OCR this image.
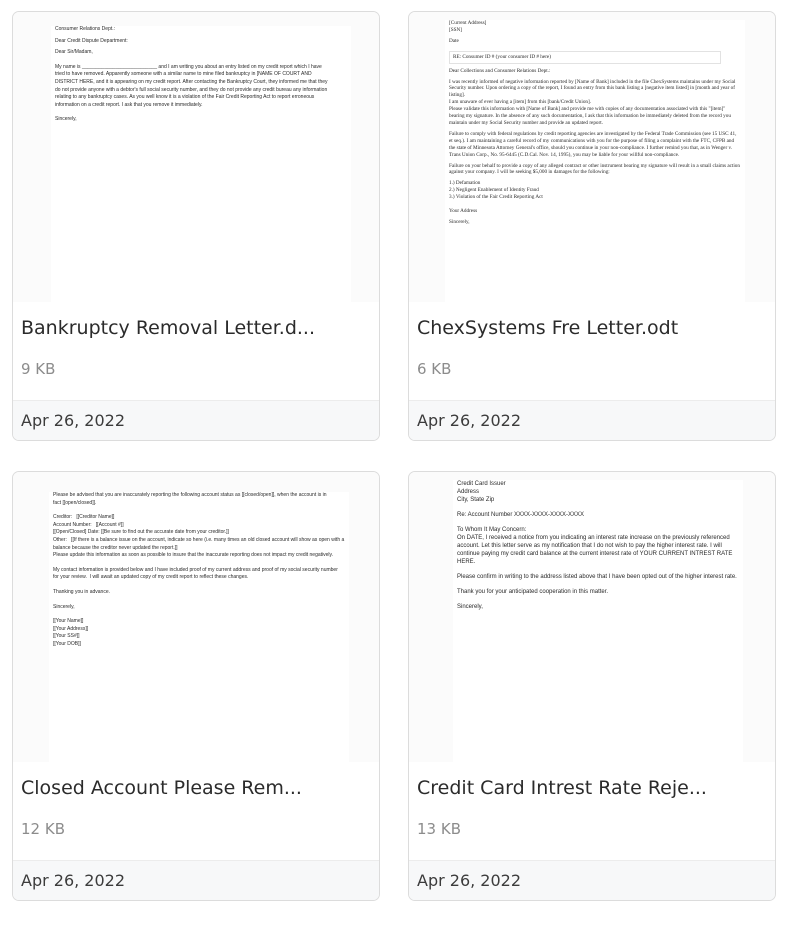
Consumer Relations Dept.:

Dear Credit Dispute Department:

Dear Sir/Madam,

My name is ___________________________ and I am writing you about an entry listed on my credit report which I have tried to have removed. Apparently someone with a similar name to mine filed bankruptcy in [NAME OF COURT AND DISTRICT HERE, and it is appearing on my credit report. After contacting the Bankruptcy Court, they informed me that they do not provide anyone with a debtor's full social security number, and they do not provide any credit bureau any information relating to any bankruptcy cases. As you well know it is a violation of the Fair Credit Reporting Act to report erroneous information on a credit report. I ask that you remove it immediately.

Sincerely,

Bankruptcy Removal Letter.d...

9 KB

Apr 26, 2022

[Current Address]

[SSN]

Date

RE: Consumer ID # (your consumer ID # here)

Dear Collections and Consumer Relations Dept.:

I was recently informed of negative information reported by [Name of Bank] included in the file ChexSystems maintains under my Social Security number. Upon ordering a copy of the report, I found an entry from this bank listing a [negative item listed] in [month and year of listing].

I am unaware of ever having a [item] from this [bank/Credit Union].

Please validate this information with [Name of Bank] and provide me with copies of any documentation associated with this "[item]" bearing my signature. In the absence of any such documentation, I ask that this information be immediately deleted from the record you maintain under my Social Security number and provide an updated report.

Failure to comply with federal regulations by credit reporting agencies are investigated by the Federal Trade Commission (see 15 USC 41, et seq.). I am maintaining a careful record of my communications with you for the purpose of filing a complaint with the FTC, CFPB and the state of Minnesota Attorney General's office, should you continue in your non-compliance. I further remind you that, as in Wenger v. Trans Union Corp., No. 95-6445 (C.D.Cal. Nov. 14, 1995), you may be liable for your willful non-compliance.

Failure on your behalf to provide a copy of any alleged contract or other instrument bearing my signature will result in a small claims action against your company. I will be seeking $5,000 in damages for the following:

1.) Defamation

2.) Negligent Enablement of Identity Fraud

3.) Violation of the Fair Credit Reporting Act

Your Address

Sincerely,

ChexSystems Fre Letter.odt

6 KB

Apr 26, 2022

Please be advised that you are inaccurately reporting the following account status as [[closed/open]], when the account is in fact [[open/closed]].

Creditor:   [[Creditor Name]]

Account Number:   [[Account #]]

[[Open/Closed] Date: [[Be sure to find out the accurate date from your creditor.]]

Other:   [[If there is a balance issue on the account, indicate so here (i.e. many times an old closed account will show as open with a balance because the creditor never updated the report.]]

Please update this information as soon as possible to insure that the inaccurate reporting does not impact my credit negatively.

My contact information is provided below and I have included proof of my current address and proof of my social security number for your review.  I will await an updated copy of my credit report to reflect these changes.

Thanking you in advance.

Sincerely,

[[Your Name]]

[[Your Address]]

[[Your SS#]]

[[Your DOB]]

Closed Account Please Rem...

12 KB

Apr 26, 2022

Credit Card Issuer

Address

City, State Zip

Re: Account Number XXXX-XXXX-XXXX-XXXX

To Whom It May Concern:

On DATE, I received a notice from you indicating an interest rate increase on the previously referenced account. Let this letter serve as my notification that I do not wish to pay the higher interest rate. I will continue paying my credit card balance at the current interest rate of YOUR CURRENT INTREST RATE HERE.

Please confirm in writing to the address listed above that I have been opted out of the higher interest rate.

Thank you for your anticipated cooperation in this matter.

Sincerely,

Credit Card Intrest Rate Reje...

13 KB

Apr 26, 2022
